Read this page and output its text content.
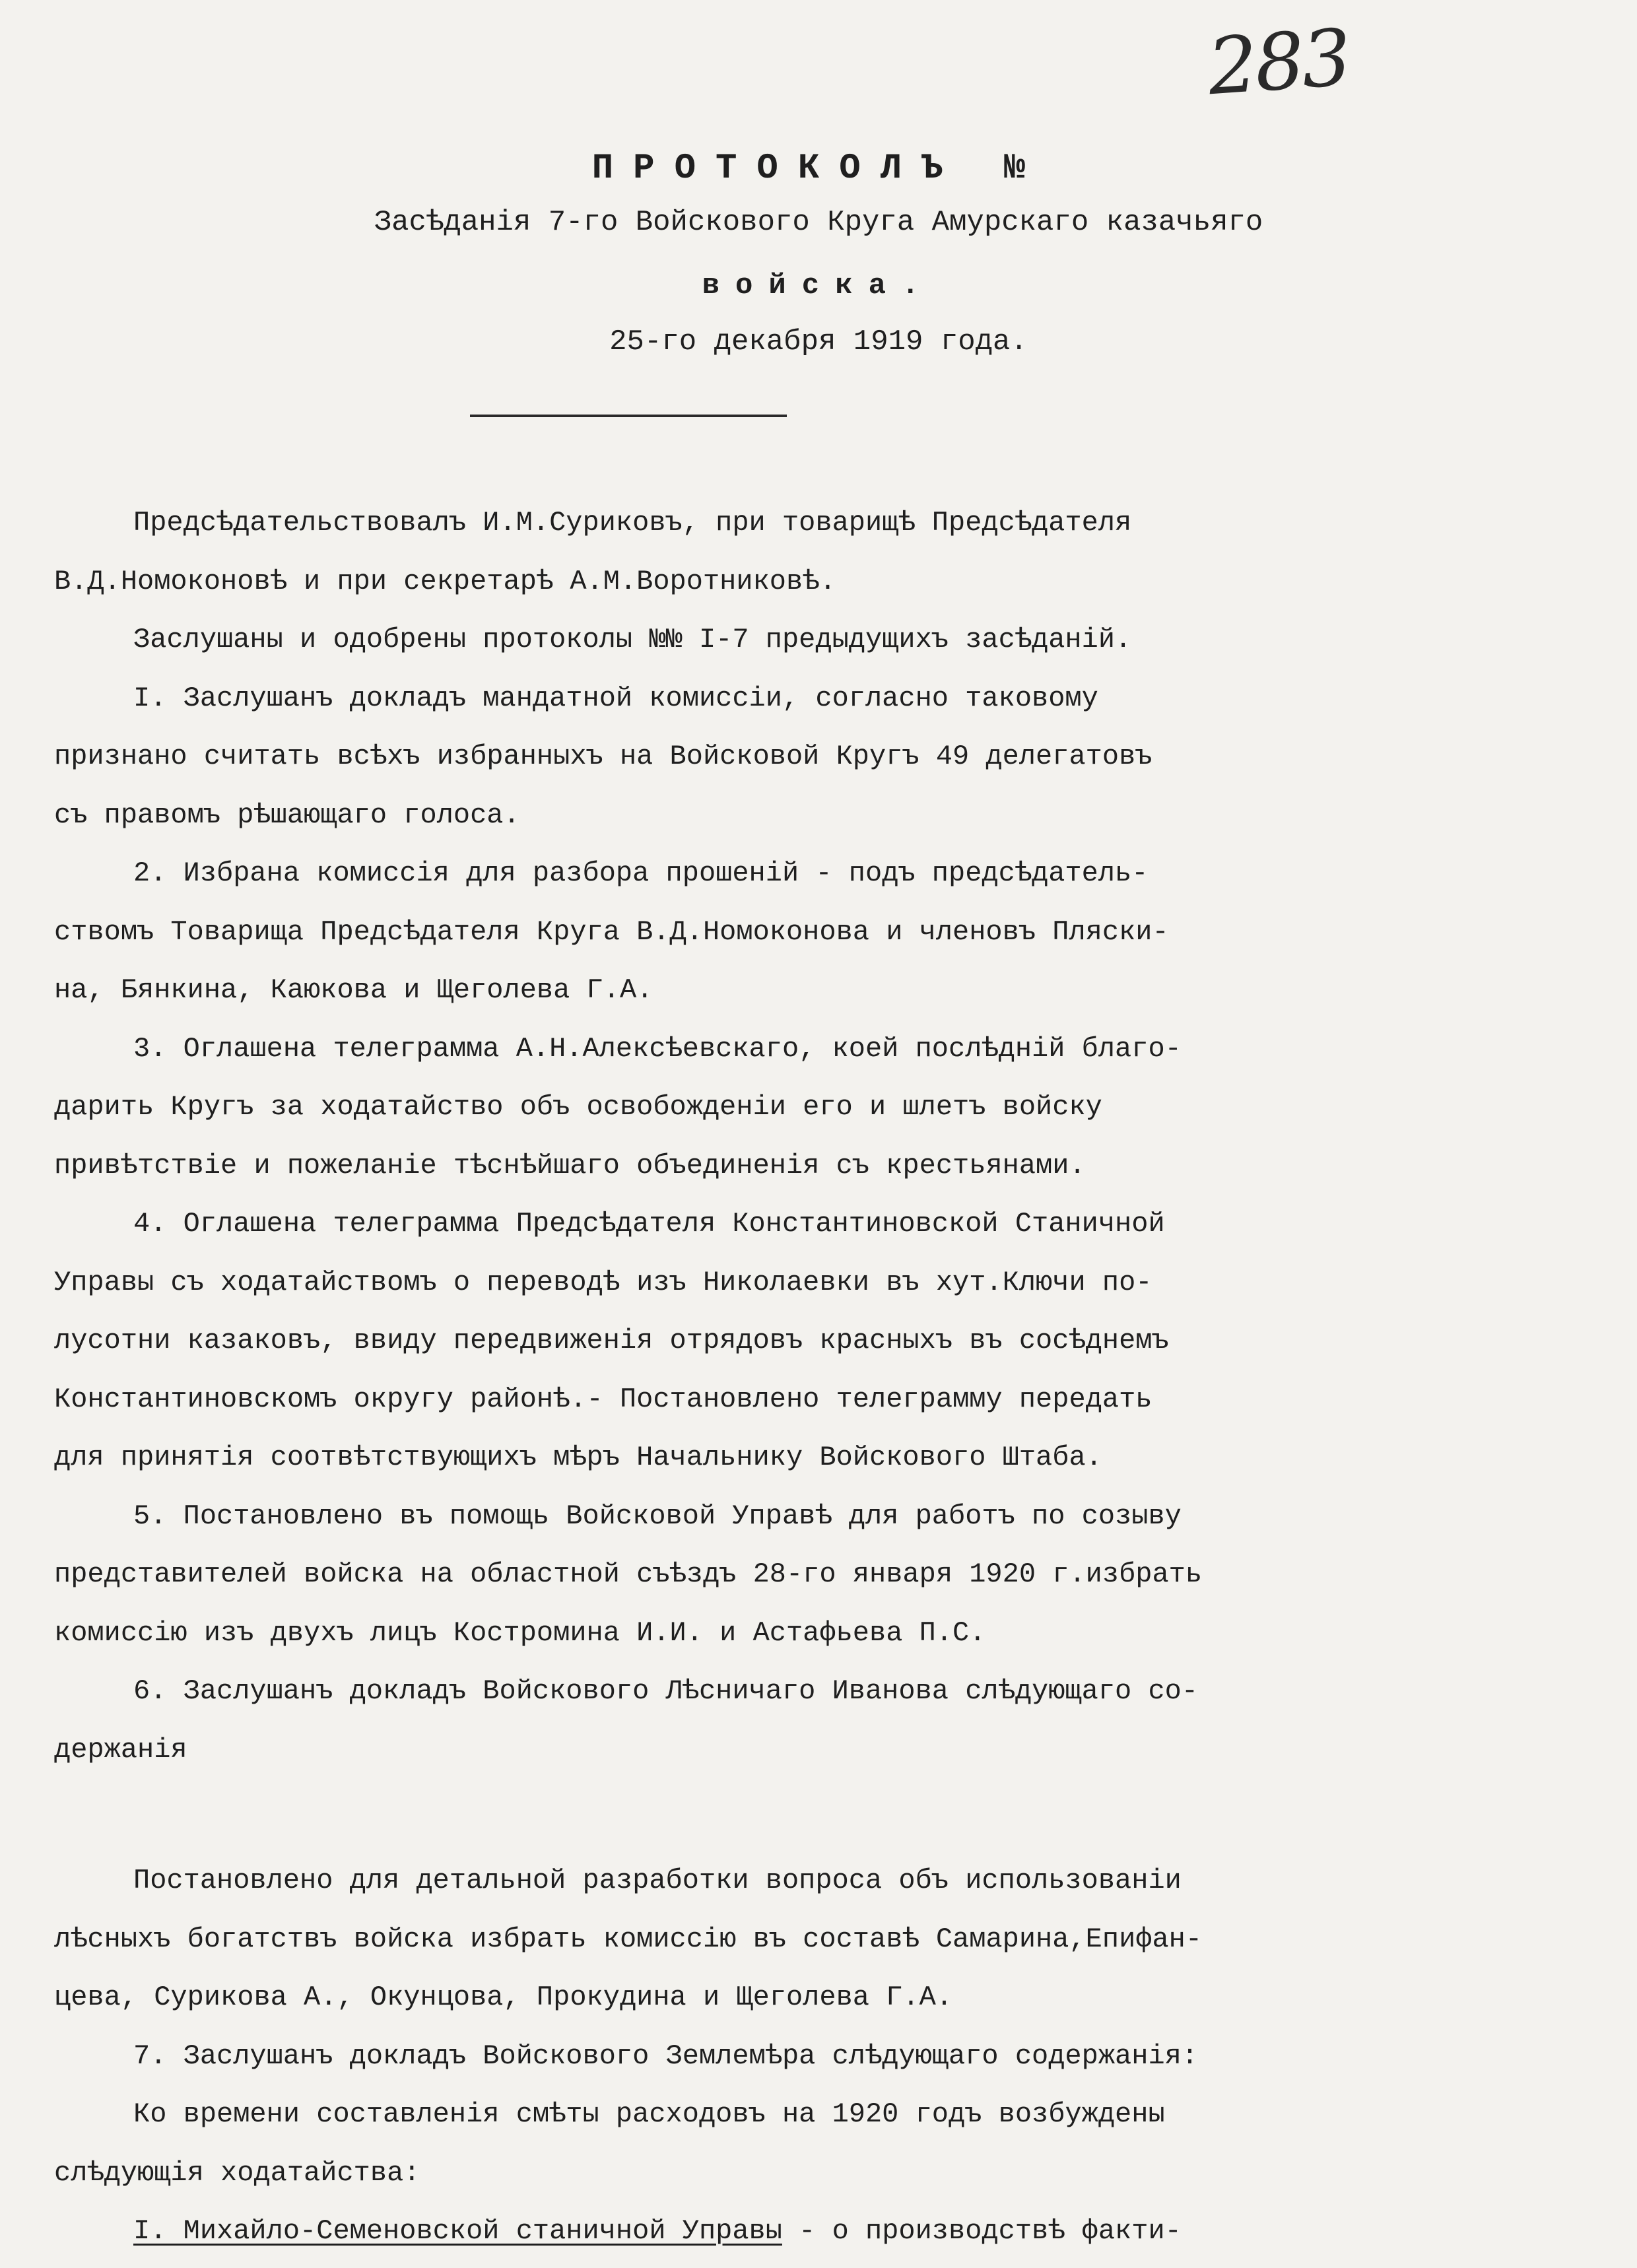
283
ПРОТОКОЛЪ №
Засѣданія 7-го Войскового Круга Амурскаго казачьяго
войска.
25-го декабря 1919 года.

Предсѣдательствовалъ И.М.Суриковъ, при товарищѣ Предсѣдателя

В.Д.Номоконовѣ и при секретарѣ А.М.Воротниковѣ.

Заслушаны и одобрены протоколы №№ I-7 предыдущихъ засѣданій.

I. Заслушанъ докладъ мандатной комиссіи, согласно таковому

признано считать всѣхъ избранныхъ на Войсковой Кругъ 49 делегатовъ

съ правомъ рѣшающаго голоса.

2. Избрана комиссія для разбора прошеній - подъ предсѣдатель-

ствомъ Товарища Предсѣдателя Круга В.Д.Номоконова и членовъ Пляски-

на, Бянкина, Каюкова и Щеголева Г.А.

3. Оглашена телеграмма А.Н.Алексѣевскаго, коей послѣдній благо-

дарить Кругъ за ходатайство объ освобожденіи его и шлетъ войску

привѣтствіе и пожеланіе тѣснѣйшаго объединенія съ крестьянами.

4. Оглашена телеграмма Предсѣдателя Константиновской Станичной

Управы съ ходатайствомъ о переводѣ изъ Николаевки въ хут.Ключи по-

лусотни казаковъ, ввиду передвиженія отрядовъ красныхъ въ сосѣднемъ

Константиновскомъ округу районѣ.- Постановлено телеграмму передать

для принятія соотвѣтствующихъ мѣръ Начальнику Войскового Штаба.

5. Постановлено въ помощь Войсковой Управѣ для работъ по созыву

представителей войска на областной съѣздъ 28-го января 1920 г.избрать

комиссію изъ двухъ лицъ Костромина И.И. и Астафьева П.С.

6. Заслушанъ докладъ Войскового Лѣсничаго Иванова слѣдующаго со-

держанія

Постановлено для детальной разработки вопроса объ использованіи

лѣсныхъ богатствъ войска избрать комиссію въ составѣ Самарина,Епифан-

цева, Сурикова А., Окунцова, Прокудина и Щеголева Г.А.

7. Заслушанъ докладъ Войскового Землемѣра слѣдующаго содержанія:

Ко времени составленія смѣты расходовъ на 1920 годъ возбуждены

слѣдующія ходатайства:

I. Михайло-Семеновской станичной Управы - о производствѣ факти-
